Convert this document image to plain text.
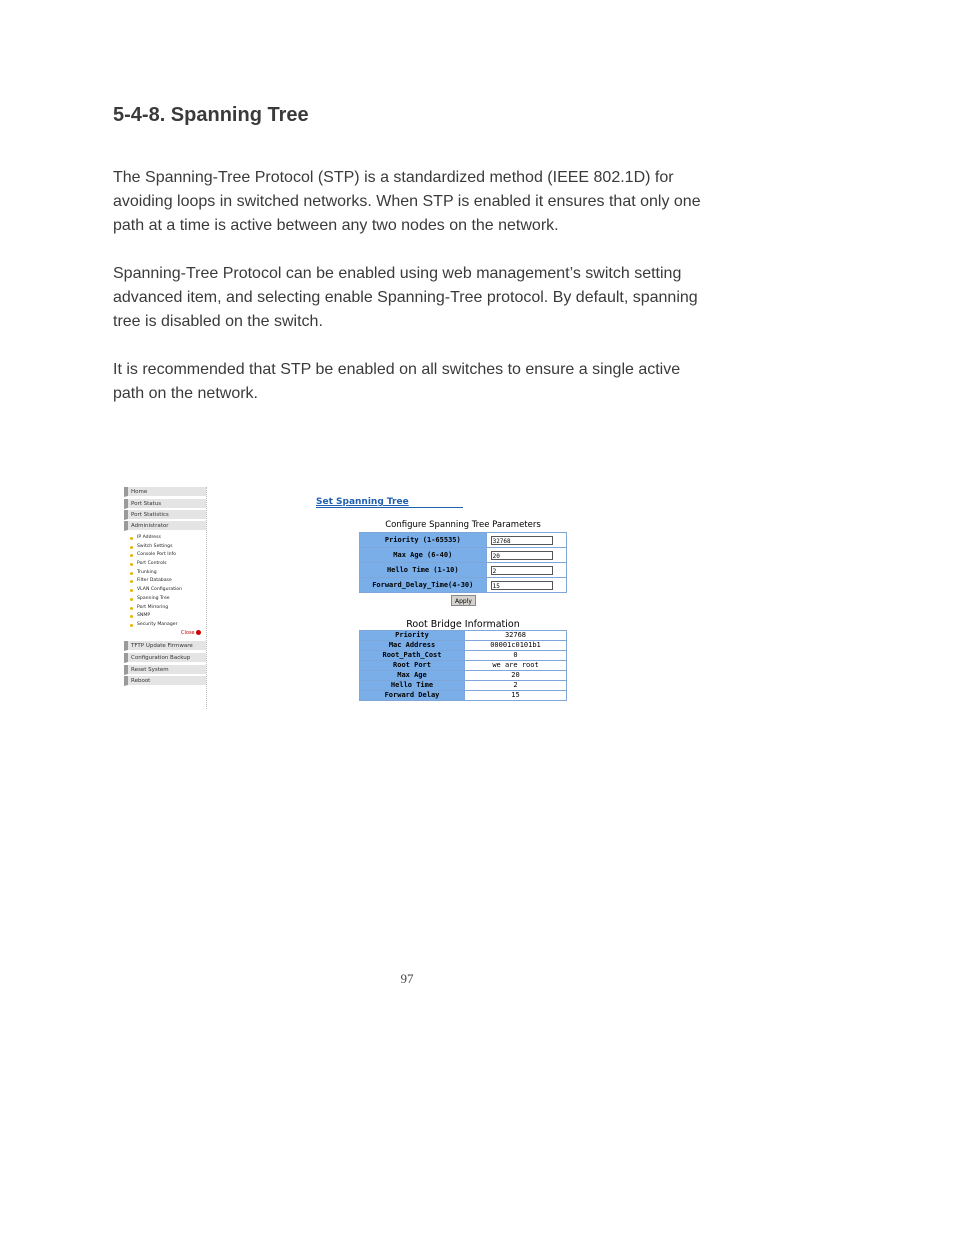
5-4-8. Spanning Tree

The Spanning-Tree Protocol (STP) is a standardized method (IEEE 802.1D) for avoiding loops in switched networks. When STP is enabled it ensures that only one path at a time is active between any two nodes on the network.

Spanning-Tree Protocol can be enabled using web management’s switch setting advanced item, and selecting enable Spanning-Tree protocol. By default, spanning tree is disabled on the switch.

It is recommended that STP be enabled on all switches to ensure a single active path on the network.

Home
Port Status
Port Statistics
Administrator
IP Address
Switch Settings
Console Port Info
Port Controls
Trunking
Filter Database
VLAN Configuration
Spanning Tree
Port Mirroring
SNMP
Security Manager
Close
TFTP Update Firmware
Configuration Backup
Reset System
Reboot
Set Spanning Tree
Configure Spanning Tree Parameters
Priority (1-65535)	32768

Max Age (6-40)	20

Hello Time (1-10)	2

Forward_Delay_Time(4-30)	15
Apply
Root Bridge Information
Priority	32768
Mac Address	00001c0101b1
Root_Path_Cost	0
Root Port	we are root
Max Age	20
Hello Time	2
Forward Delay	15
97
